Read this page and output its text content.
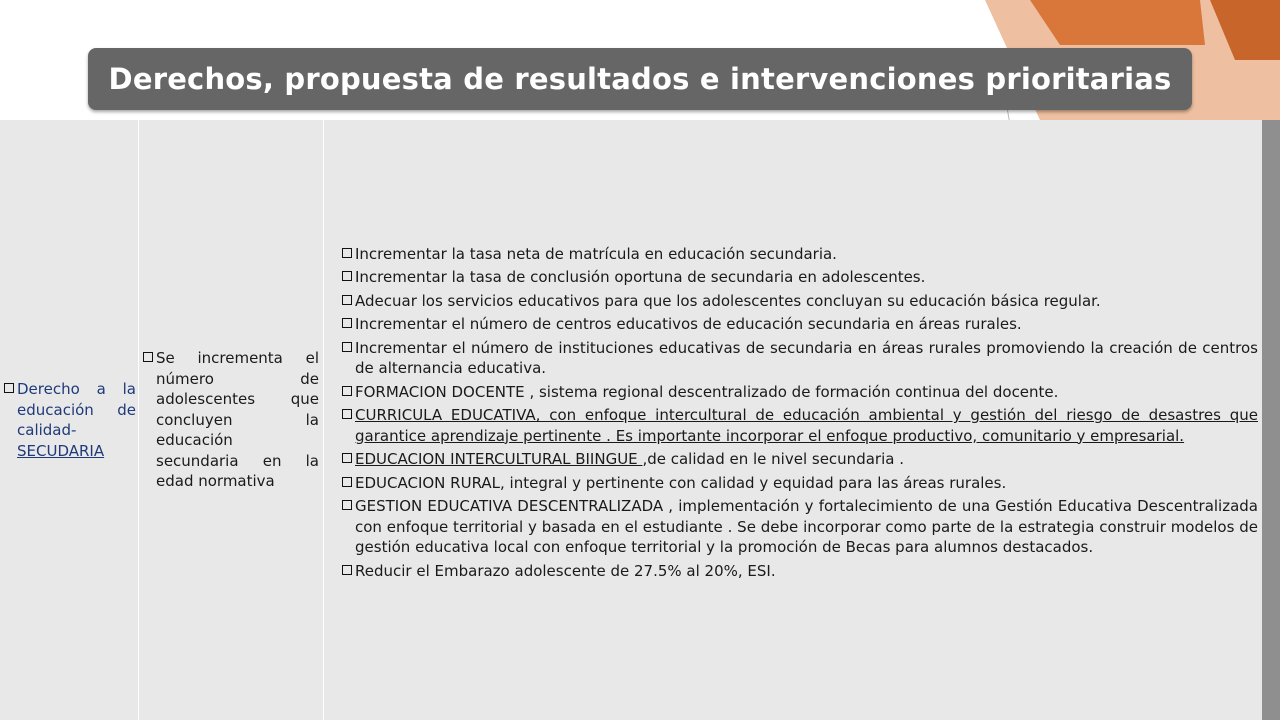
Derechos, propuesta de resultados e intervenciones prioritarias
Derecho a la educación de calidad- SECUDARIA
Se incrementa el número de adolescentes que concluyen la educación secundaria en la edad normativa
Incrementar la tasa neta de matrícula en educación secundaria.
Incrementar la tasa de conclusión oportuna de secundaria en adolescentes.
Adecuar los servicios educativos para que los adolescentes concluyan su educación básica regular.
Incrementar el número de centros educativos de educación secundaria en áreas rurales.
Incrementar el número de instituciones educativas de secundaria en áreas rurales promoviendo la creación de centros de alternancia educativa.
FORMACION DOCENTE , sistema regional descentralizado de formación continua del docente.
CURRICULA EDUCATIVA, con enfoque intercultural de educación ambiental y gestión del riesgo de desastres que garantice aprendizaje pertinente . Es importante incorporar el enfoque productivo, comunitario y empresarial.
EDUCACION INTERCULTURAL BIINGUE ,de calidad en le nivel secundaria .
EDUCACION RURAL, integral y pertinente con calidad y equidad para las áreas rurales.
GESTION EDUCATIVA DESCENTRALIZADA , implementación y fortalecimiento de una Gestión Educativa Descentralizada con enfoque territorial y basada en el estudiante . Se debe incorporar como parte de la estrategia construir modelos de gestión educativa local con enfoque territorial y la promoción de Becas para alumnos destacados.
Reducir el Embarazo adolescente de 27.5% al 20%, ESI.
